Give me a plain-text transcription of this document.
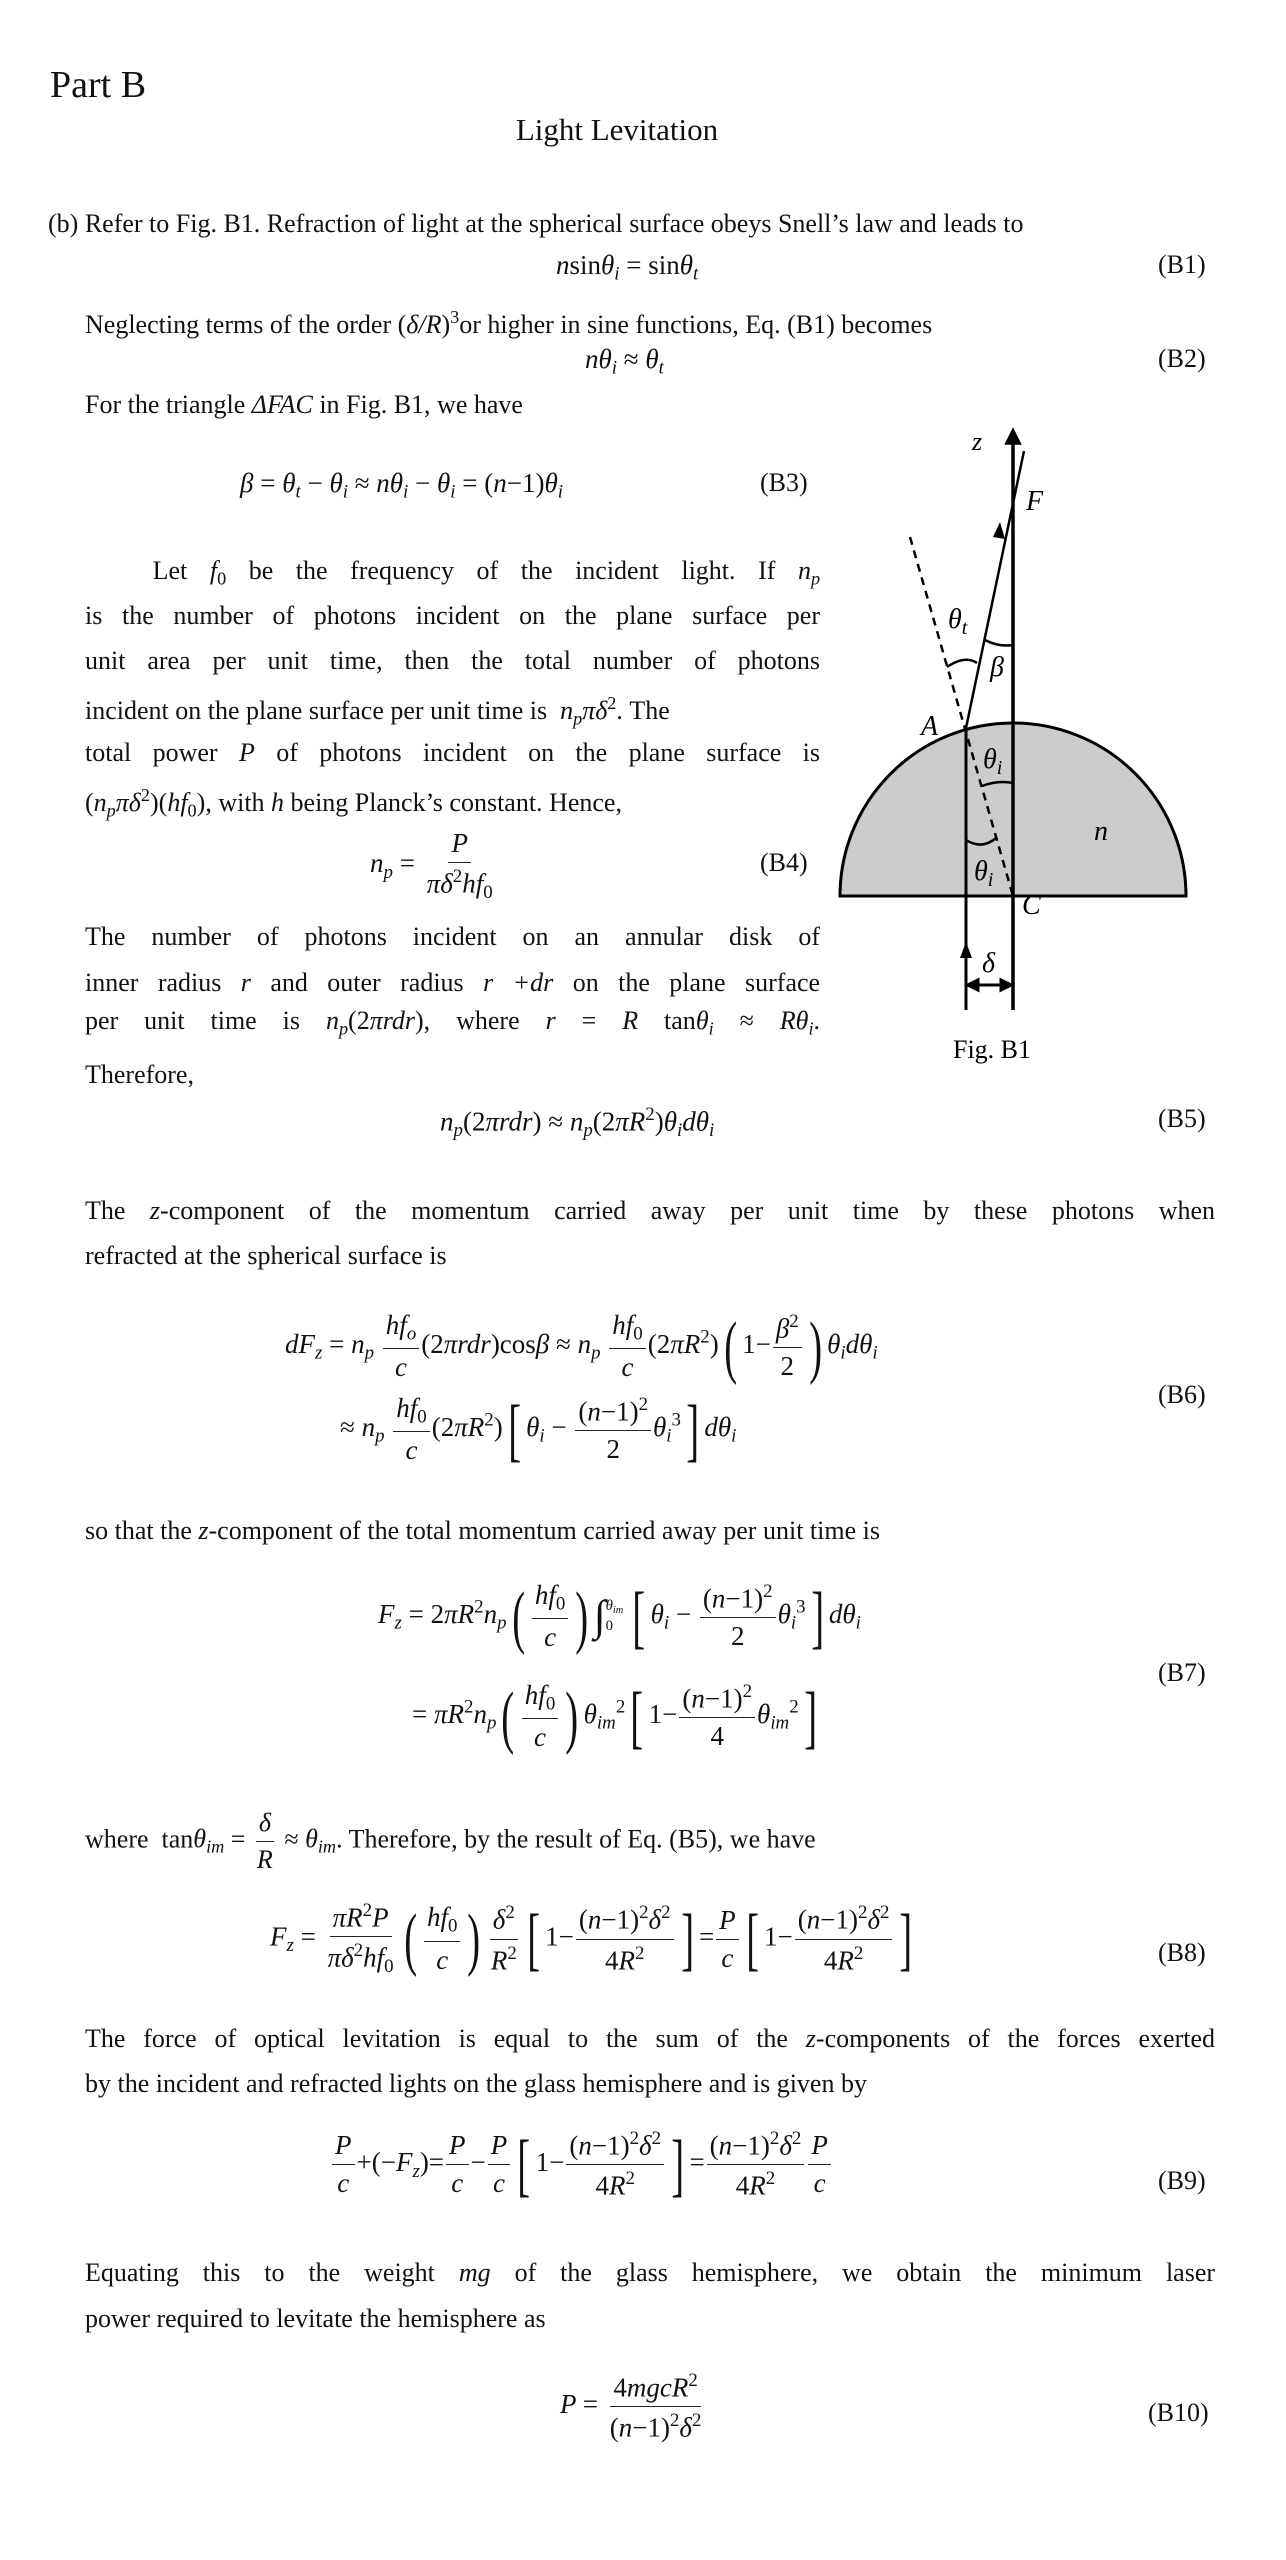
Part B
Light Levitation
(b) Refer to Fig. B1. Refraction of light at the spherical surface obeys Snell’s law and leads to
nsinθ$_i$ = sinθ$_t$	(B1)
Neglecting terms of the order $(\delta/R)^3or$ higher in sine functions, Eq. (B1) becomes
$n\theta_i \approx \theta_t$	(B2)
For the triangle ΔFAC in Fig. B1, we have
$\beta = \theta_t - \theta_i \approx n\theta_i - \theta_i = (n-1)\theta_i$	(B3)
Let $f_0$ be the frequency of the incident light. If $n_p$
is the number of photons incident on the plane surface per
unit area per unit time, then the total number of photons
incident on the plane surface per unit time is $n_p\pi\delta^2$. The
total power P of photons incident on the plane surface is
$(n_p\pi\delta^2)(hf_0)$, with h being Planck’s constant. Hence,
$n_p = \frac{P}{\pi\delta^2hf_0}$	(B4)
The number of photons incident on an annular disk of
inner radius r and outer radius r +dr on the plane surface
per unit time is $n_p(2\pi rdr)$, where r = R $\tan\theta_i \approx R\theta_i$.
Therefore,
$n_p(2\pi rdr) \approx n_p(2\pi R^2)\theta_id\theta_i$	(B5)
The z-component of the momentum carried away per unit time by these photons when
refracted at the spherical surface is
$dF_z = n_p \frac{hf_o}{c} (2\pi rdr)\cos\beta \approx n_p \frac{hf_0}{c} (2\pi R^2)$( $1- \frac{\beta^2}{2}$ ) $\theta_id\theta_i$
≈ $n_p \frac{hf_0}{c} (2\pi R^2)$[ $\theta_i - \frac{(n-1)^2}{2} \theta_i^3$] $d\theta_i$
(B6)
so that the z-component of the total momentum carried away per unit time is
$F_z = 2\pi R^2n_p( \frac{hf_0}{c}$ ) ∫ $\theta_{im}$
0 [ $\theta_i - \frac{(n-1)^2}{2} \theta_i^3$] $d\theta_i$
= $\pi R^2n_p( \frac{hf_0}{c}$ ) $\theta_{im}^2$[ $1- \frac{(n-1)^2}{4} \theta_{im}^2$]
(B7)
where  $\tan\theta_{im} = \frac{\delta}{R} \approx \theta_{im}$. Therefore, by the result of Eq. (B5), we have
$F_z = \frac{\pi R^2P}{\pi\delta^2hf_0}$ ( $\frac{hf_0}{c}$ ) $\frac{\delta^2}{R^2}$ [ $1- \frac{(n-1)^2\delta^2}{4R^2}$ ] = $\frac{P}{c}$ [ $1- \frac{(n-1)^2\delta^2}{4R^2}$ ]	(B8)
The force of optical levitation is equal to the sum of the z-components of the forces exerted
by the incident and refracted lights on the glass hemisphere and is given by
$\frac{P}{c} +(-F_z)= \frac{P}{c} - \frac{P}{c}$ [ $1- \frac{(n-1)^2\delta^2}{4R^2}$ ] = $\frac{(n-1)^2\delta^2}{4R^2} \frac{P}{c}$	(B9)
Equating this to the weight mg of the glass hemisphere, we obtain the minimum laser
power required to levitate the hemisphere as
$P = \frac{4mgcR^2}{(n-1)^2\delta^2}$	(B10)
z
F
A
C
n
$\theta_t$
β
$\theta_i$
$\theta_i$
δ
Fig. B1
